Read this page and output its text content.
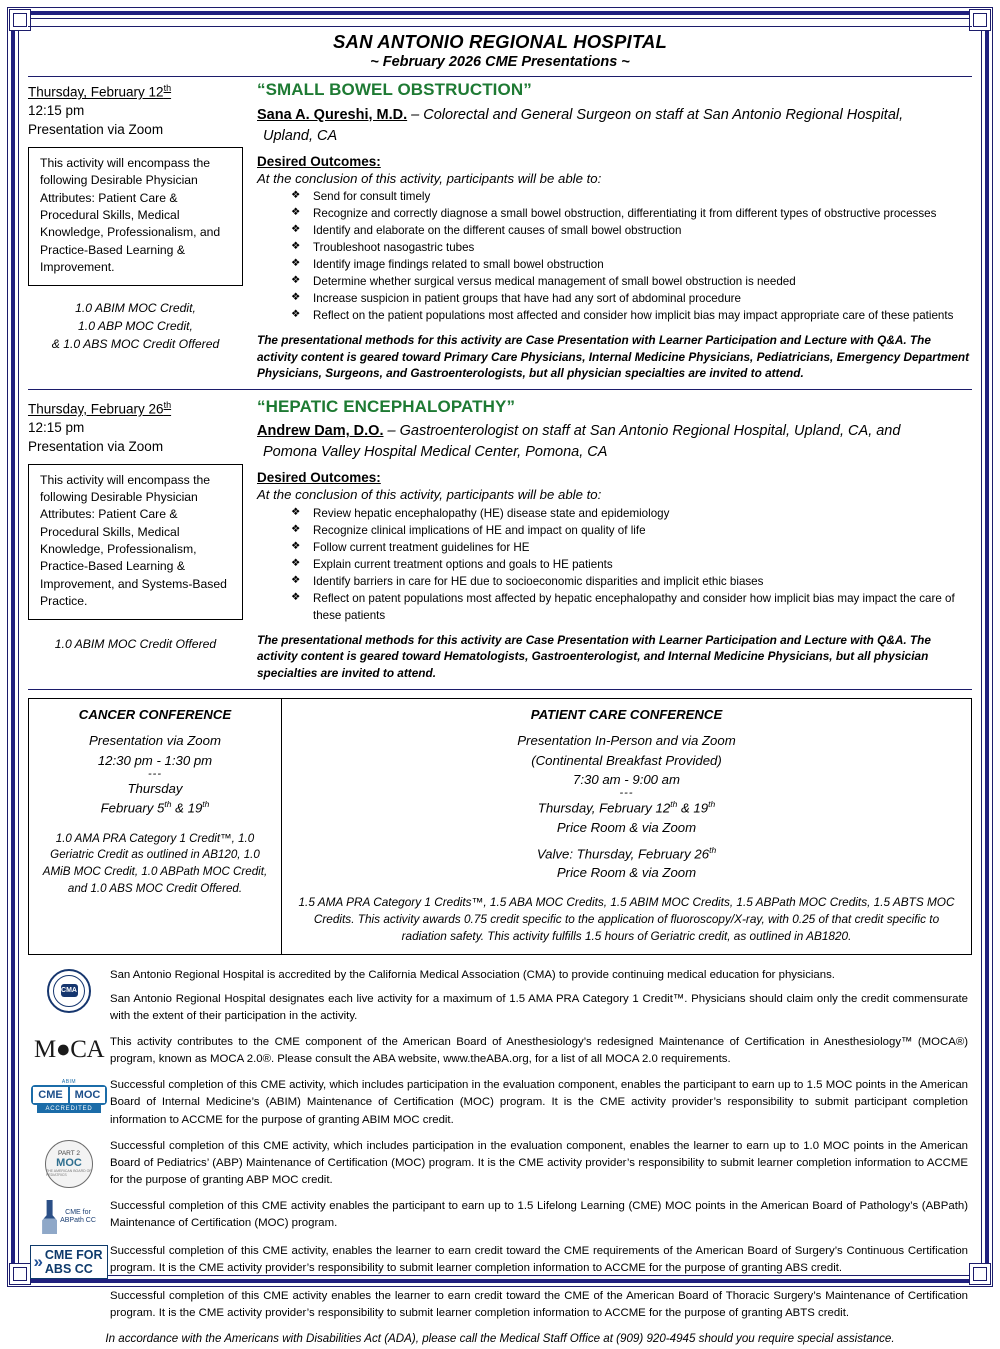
SAN ANTONIO REGIONAL HOSPITAL
~ February 2026 CME Presentations ~
Thursday, February 12th
12:15 pm
Presentation via Zoom
This activity will encompass the following Desirable Physician Attributes: Patient Care & Procedural Skills, Medical Knowledge, Professionalism, and Practice-Based Learning & Improvement.
1.0 ABIM MOC Credit,
1.0 ABP MOC Credit,
& 1.0 ABS MOC Credit Offered
“SMALL BOWEL OBSTRUCTION”
Sana A. Qureshi, M.D. – Colorectal and General Surgeon on staff at San Antonio Regional Hospital,
Upland, CA
Desired Outcomes:
At the conclusion of this activity, participants will be able to:
❖ Send for consult timely
❖ Recognize and correctly diagnose a small bowel obstruction, differentiating it from different types of obstructive processes
❖ Identify and elaborate on the different causes of small bowel obstruction
❖ Troubleshoot nasogastric tubes
❖ Identify image findings related to small bowel obstruction
❖ Determine whether surgical versus medical management of small bowel obstruction is needed
❖ Increase suspicion in patient groups that have had any sort of abdominal procedure
❖ Reflect on the patient populations most affected and consider how implicit bias may impact appropriate care of these patients
The presentational methods for this activity are Case Presentation with Learner Participation and Lecture with Q&A. The activity content is geared toward Primary Care Physicians, Internal Medicine Physicians, Pediatricians, Emergency Department Physicians, Surgeons, and Gastroenterologists, but all physician specialties are invited to attend.
Thursday, February 26th
12:15 pm
Presentation via Zoom
This activity will encompass the following Desirable Physician Attributes: Patient Care & Procedural Skills, Medical Knowledge, Professionalism, Practice-Based Learning & Improvement, and Systems-Based Practice.
1.0 ABIM MOC Credit Offered
“HEPATIC ENCEPHALOPATHY”
Andrew Dam, D.O. – Gastroenterologist on staff at San Antonio Regional Hospital, Upland, CA, and
Pomona Valley Hospital Medical Center, Pomona, CA
Desired Outcomes:
At the conclusion of this activity, participants will be able to:
❖ Review hepatic encephalopathy (HE) disease state and epidemiology
❖ Recognize clinical implications of HE and impact on quality of life
❖ Follow current treatment guidelines for HE
❖ Explain current treatment options and goals to HE patients
❖ Identify barriers in care for HE due to socioeconomic disparities and implicit ethic biases
❖ Reflect on patent populations most affected by hepatic encephalopathy and consider how implicit bias may impact the care of these patients
The presentational methods for this activity are Case Presentation with Learner Participation and Lecture with Q&A. The activity content is geared toward Hematologists, Gastroenterologist, and Internal Medicine Physicians, but all physician specialties are invited to attend.
CANCER CONFERENCE
Presentation via Zoom
12:30 pm - 1:30 pm
---
Thursday
February 5th & 19th
1.0 AMA PRA Category 1 Credit™, 1.0 Geriatric Credit as outlined in AB120, 1.0 AMiB MOC Credit, 1.0 ABPath MOC Credit, and 1.0 ABS MOC Credit Offered.
PATIENT CARE CONFERENCE
Presentation In-Person and via Zoom
(Continental Breakfast Provided)
7:30 am - 9:00 am
---
Thursday, February 12th & 19th
Price Room & via Zoom
Valve: Thursday, February 26th
Price Room & via Zoom
1.5 AMA PRA Category 1 Credits™, 1.5 ABA MOC Credits, 1.5 ABIM MOC Credits, 1.5 ABPath MOC Credits, 1.5 ABTS MOC Credits. This activity awards 0.75 credit specific to the application of fluoroscopy/X-ray, with 0.25 of that credit specific to radiation safety. This activity fulfills 1.5 hours of Geriatric credit, as outlined in AB1820.
CMA

San Antonio Regional Hospital is accredited by the California Medical Association (CMA) to provide continuing medical education for physicians.

San Antonio Regional Hospital designates each live activity for a maximum of 1.5 AMA PRA Category 1 Credit™. Physicians should claim only the credit commensurate with the extent of their participation in the activity.

M●CA This activity contributes to the CME component of the American Board of Anesthesiology’s redesigned Maintenance of Certification in Anesthesiology™ (MOCA®) program, known as MOCA 2.0®. Please consult the ABA website, www.theABA.org, for a list of all MOCA 2.0 requirements.

ABIM
CME	MOC
ACCREDITED

Successful completion of this CME activity, which includes participation in the evaluation component, enables the participant to earn up to 1.5 MOC points in the American Board of Internal Medicine’s (ABIM) Maintenance of Certification (MOC) program. It is the CME activity provider’s responsibility to submit participant completion information to ACCME for the purpose of granting ABIM MOC credit.

PART 2
MOC
THE AMERICAN BOARD OF PEDIATRICS

Successful completion of this CME activity, which includes participation in the evaluation component, enables the learner to earn up to 1.0 MOC points in the American Board of Pediatrics’ (ABP) Maintenance of Certification (MOC) program. It is the CME activity provider’s responsibility to submit learner completion information to ACCME for the purpose of granting ABP MOC credit.

CME for
ABPath CC

Successful completion of this CME activity enables the participant to earn up to 1.5 Lifelong Learning (CME) MOC points in the American Board of Pathology’s (ABPath) Maintenance of Certification (MOC) program.

» CME FOR
ABS CC

Successful completion of this CME activity, enables the learner to earn credit toward the CME requirements of the American Board of Surgery’s Continuous Certification program. It is the CME activity provider’s responsibility to submit learner completion information to ACCME for the purpose of granting ABS credit.

Successful completion of this CME activity enables the learner to earn credit toward the CME of the American Board of Thoracic Surgery’s Maintenance of Certification program. It is the CME activity provider’s responsibility to submit learner completion information to ACCME for the purpose of granting ABTS credit.

In accordance with the Americans with Disabilities Act (ADA), please call the Medical Staff Office at (909) 920-4945 should you require special assistance.
